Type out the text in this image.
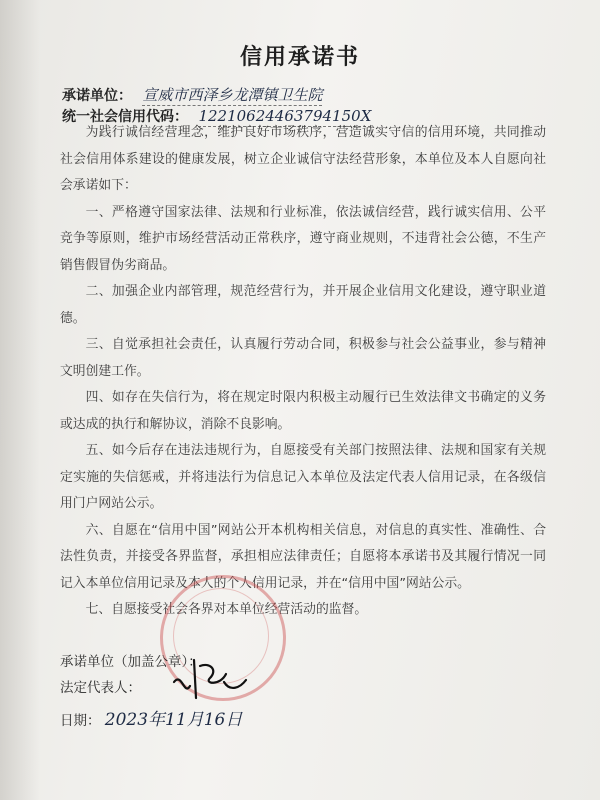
信用承诺书
承诺单位： 宣威市西泽乡龙潭镇卫生院
统一社会信用代码： 12210624463794150X

为践行诚信经营理念，维护良好市场秩序，营造诚实守信的信用环境，共同推动社会信用体系建设的健康发展，树立企业诚信守法经营形象，本单位及本人自愿向社会承诺如下：

一、严格遵守国家法律、法规和行业标准，依法诚信经营，践行诚实信用、公平竞争等原则，维护市场经营活动正常秩序，遵守商业规则，不违背社会公德，不生产销售假冒伪劣商品。

二、加强企业内部管理，规范经营行为，并开展企业信用文化建设，遵守职业道德。

三、自觉承担社会责任，认真履行劳动合同，积极参与社会公益事业，参与精神文明创建工作。

四、如存在失信行为，将在规定时限内积极主动履行已生效法律文书确定的义务或达成的执行和解协议，消除不良影响。

五、如今后存在违法违规行为，自愿接受有关部门按照法律、法规和国家有关规定实施的失信惩戒，并将违法行为信息记入本单位及法定代表人信用记录，在各级信用门户网站公示。

六、自愿在“信用中国”网站公开本机构相关信息，对信息的真实性、准确性、合法性负责，并接受各界监督，承担相应法律责任；自愿将本承诺书及其履行情况一同记入本单位信用记录及本人的个人信用记录，并在“信用中国”网站公示。

七、自愿接受社会各界对本单位经营活动的监督。

承诺单位（加盖公章）：
法定代表人：
日期： 2023年11月16日
